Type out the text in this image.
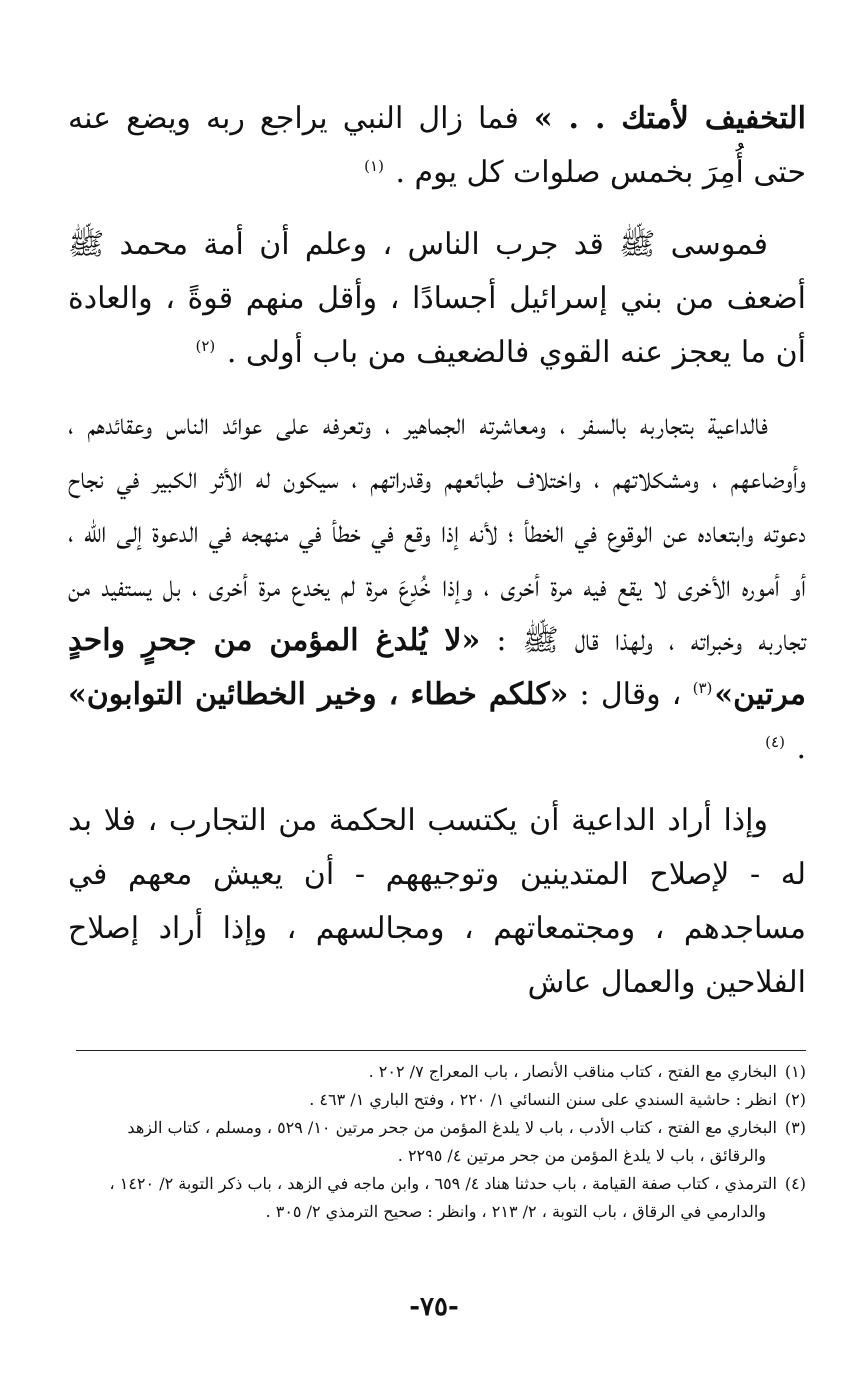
التخفيف لأمتك . . » فما زال النبي يراجع ربه ويضع عنه حتى أُمِرَ بخمس صلوات كل يوم . $^{(١)}$

فموسى ﷺ قد جرب الناس ، وعلم أن أمة محمد ﷺ أضعف من بني إسرائيل أجسادًا ، وأقل منهم قوةً ، والعادة أن ما يعجز عنه القوي فالضعيف من باب أولى . $^{(٢)}$

فالداعية بتجاربه بالسفر ، ومعاشرته الجماهير ، وتعرفه على عوائد الناس وعقائدهم ، وأوضاعهم ، ومشكلاتهم ، واختلاف طبائعهم وقدراتهم ، سيكون له الأثر الكبير في نجاح دعوته وابتعاده عن الوقوع في الخطأ ؛ لأنه إذا وقع في خطأ في منهجه في الدعوة إلى الله ، أو أموره الأخرى لا يقع فيه مرة أخرى ، وإذا خُدِعَ مرة لم يخدع مرة أخرى ، بل يستفيد من تجاربه وخبراته ، ولهذا قال ﷺ : «لا يُلدغ المؤمن من جحرٍ واحدٍ مرتين»$^{(٣)}$ ، وقال : «كلكم خطاء ، وخير الخطائين التوابون» . $^{(٤)}$

وإذا أراد الداعية أن يكتسب الحكمة من التجارب ، فلا بد له - لإصلاح المتدينين وتوجيههم - أن يعيش معهم في مساجدهم ، ومجتمعاتهم ، ومجالسهم ، وإذا أراد إصلاح الفلاحين والعمال عاش

(١)البخاري مع الفتح ، كتاب مناقب الأنصار ، باب المعراج ٧/ ٢٠٢ .
(٢)انظر : حاشية السندي على سنن النسائي ١/ ٢٢٠ ، وفتح الباري ١/ ٤٦٣ .
(٣)البخاري مع الفتح ، كتاب الأدب ، باب لا يلدغ المؤمن من جحر مرتين ١٠/ ٥٢٩ ، ومسلم ، كتاب الزهد
والرقائق ، باب لا يلدغ المؤمن من جحر مرتين ٤/ ٢٢٩٥ .
(٤)الترمذي ، كتاب صفة القيامة ، باب حدثنا هناد ٤/ ٦٥٩ ، وابن ماجه في الزهد ، باب ذكر التوبة ٢/ ١٤٢٠ ،
والدارمي في الرقاق ، باب التوبة ، ٢/ ٢١٣ ، وانظر : صحيح الترمذي ٢/ ٣٠٥ .
-٧٥-
